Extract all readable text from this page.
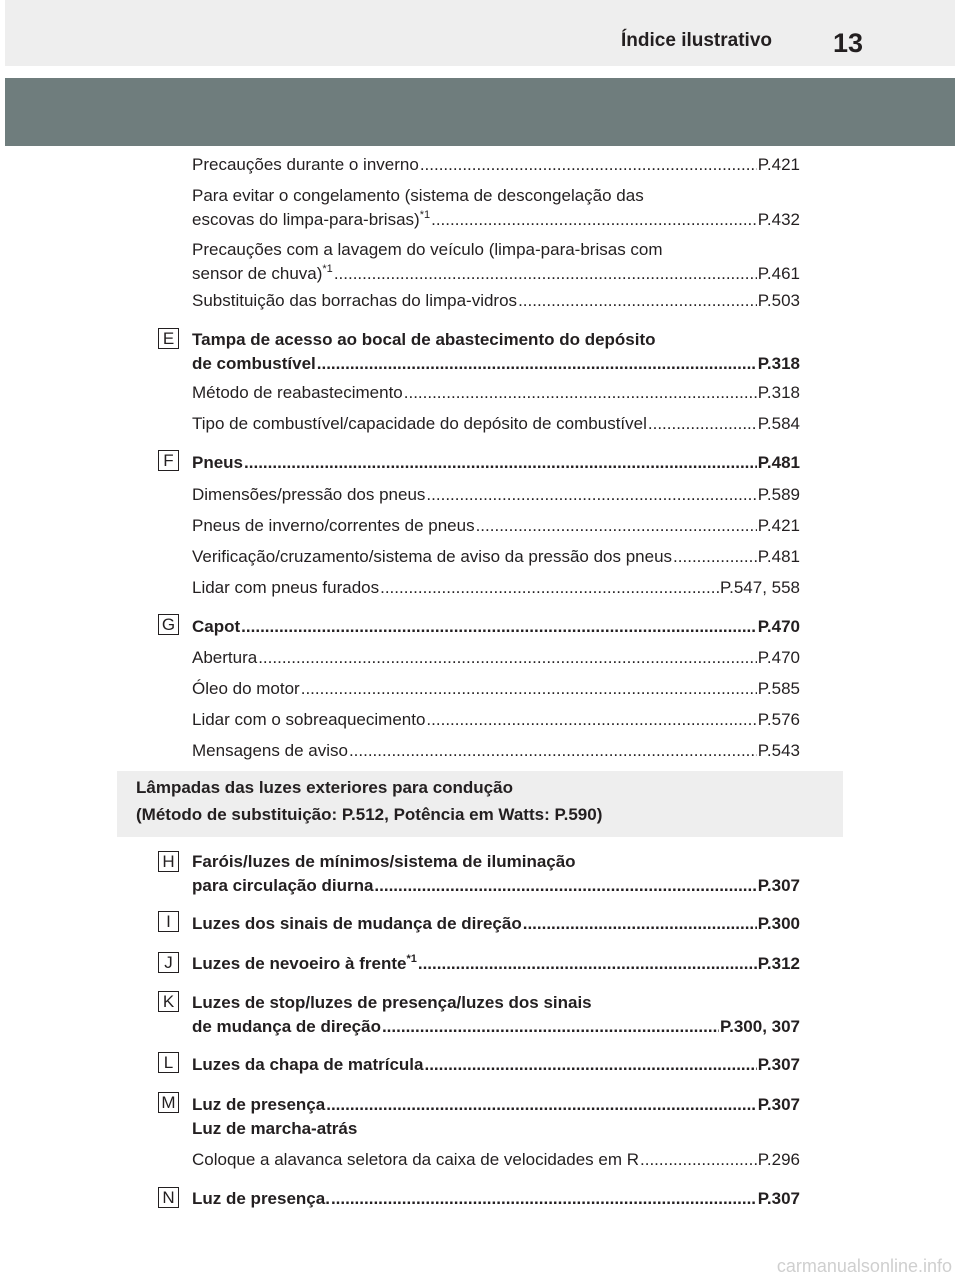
Índice ilustrativo 13
Precauções durante o inverno .....	P.421
Para evitar o congelamento (sistema de descongelação das
escovas do limpa-para-brisas)$^{*1}$ .....	P.432
Precauções com a lavagem do veículo (limpa-para-brisas com
sensor de chuva)$^{*1}$ .....	P.461
Substituição das borrachas do limpa-vidros .....	P.503
E Tampa de acesso ao bocal de abastecimento do depósito
de combustível .....	P.318
Método de reabastecimento .....	P.318
Tipo de combustível/capacidade do depósito de combustível .....	P.584
F	Pneus .....	P.481
Dimensões/pressão dos pneus .....	P.589
Pneus de inverno/correntes de pneus .....	P.421
Verificação/cruzamento/sistema de aviso da pressão dos pneus .....	P.481
Lidar com pneus furados .....	P.547, 558
G Capot .....	P.470
Abertura .....	P.470
Óleo do motor .....	P.585
Lidar com o sobreaquecimento .....	P.576
Mensagens de aviso .....	P.543
Lâmpadas das luzes exteriores para condução
(Método de substituição: P.512, Potência em Watts: P.590)
H Faróis/luzes de mínimos/sistema de iluminação
para circulação diurna .....	P.307
I	Luzes dos sinais de mudança de direção .....	P.300
J	Luzes de nevoeiro à frente$^{*1}$ .....	P.312
K Luzes de stop/luzes de presença/luzes dos sinais
de mudança de direção .....	P.300, 307
L	Luzes da chapa de matrícula .....	P.307
M Luz de presença .....	P.307
Luz de marcha-atrás
Coloque a alavanca seletora da caixa de velocidades em R .....	P.296
N Luz de presença. .....	P.307
carmanualsonline.info
